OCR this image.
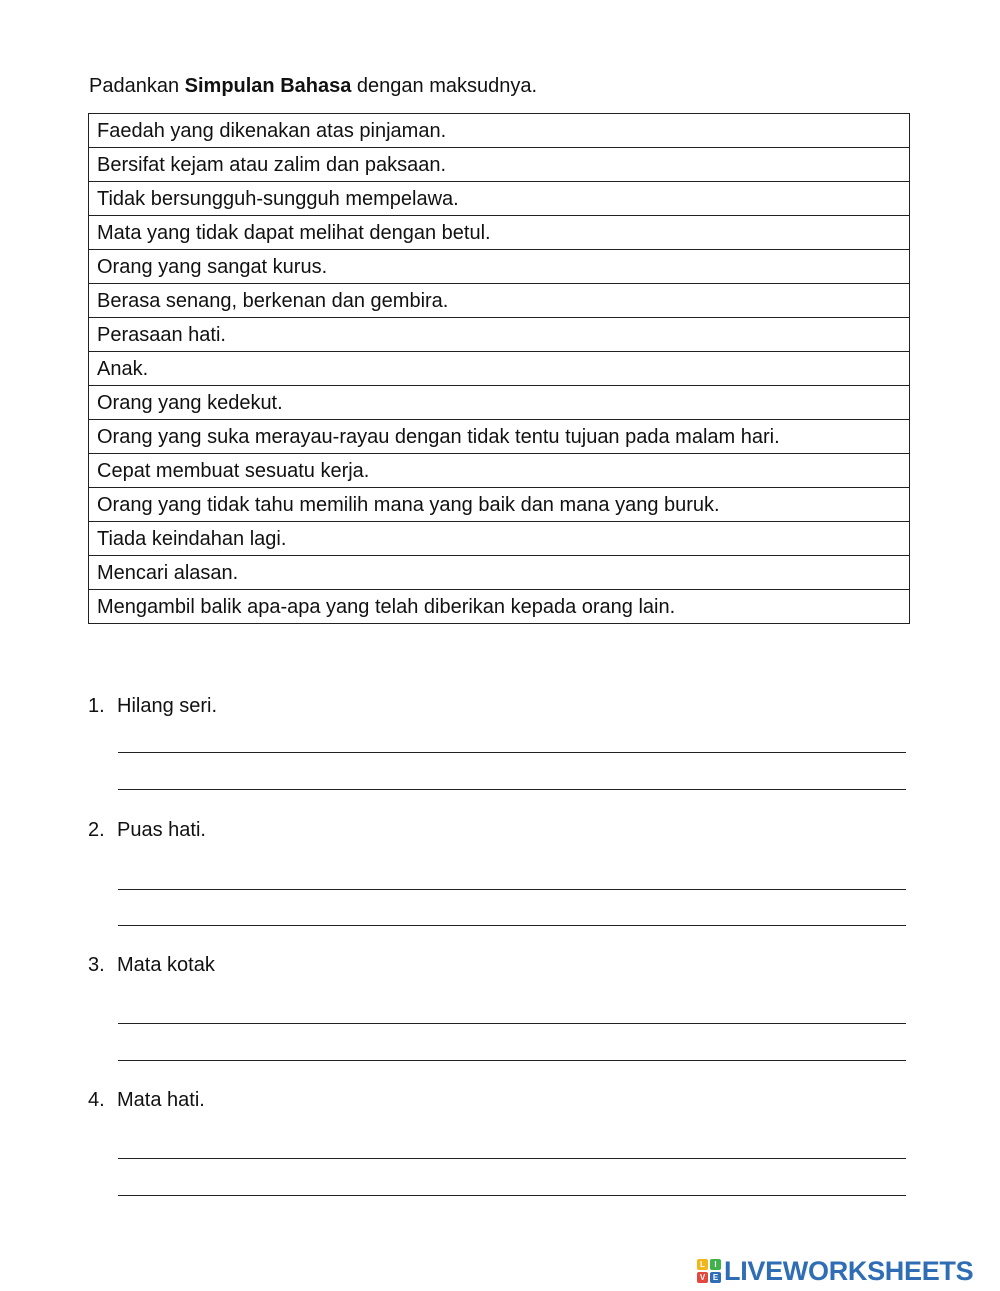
Padankan Simpulan Bahasa dengan maksudnya.
Faedah yang dikenakan atas pinjaman.
Bersifat kejam atau zalim dan paksaan.
Tidak bersungguh-sungguh mempelawa.
Mata yang tidak dapat melihat dengan betul.
Orang yang sangat kurus.
Berasa senang, berkenan dan gembira.
Perasaan hati.
Anak.
Orang yang kedekut.
Orang yang suka merayau-rayau dengan tidak tentu tujuan pada malam hari.
Cepat membuat sesuatu kerja.
Orang yang tidak tahu memilih mana yang baik dan mana yang buruk.
Tiada keindahan lagi.
Mencari alasan.
Mengambil balik apa-apa yang telah diberikan kepada orang lain.
1. Hilang seri.
2. Puas hati.
3. Mata kotak
4. Mata hati.
L	I
V E LIVEWORKSHEETS
